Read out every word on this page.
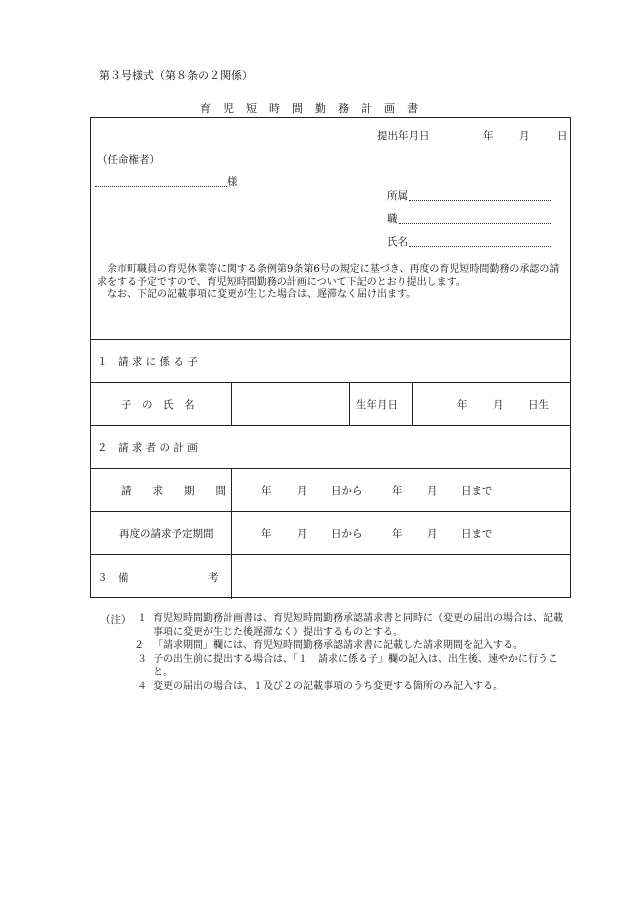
第３号様式（第８条の２関係）
育児短時間勤務計画書
提出年月日	年 月	日
（任命権者）
様
所属
職
氏名

　余市町職員の育児休業等に関する条例第9条第6号の規定に基づき、再度の育児短時間勤務の承認の請求をする予定ですので、育児短時間勤務の計画について下記のとおり提出します。

　なお、下記の記載事項に変更が生じた場合は、遅滞なく届け出ます。

１　請 求 に 係 る 子
子　の　氏　名	生年月日	年 月 日生
２　請 求 者 の 計 画
請　　求　　期　　間	年 月 日から	年 月 日まで
再度の請求予定期間	年 月 日から	年 月 日まで
３　備	考
（注） １ 育児短時間勤務計画書は、育児短時間勤務承認請求書と同時に（変更の届出の場合は、記載事項に変更が生じた後遅滞なく）提出するものとする。
２ 「請求期間」欄には、育児短時間勤務承認請求書に記載した請求期間を記入する。
３ 子の出生前に提出する場合は、「１　請求に係る子」欄の記入は、出生後、速やかに行うこと。
４ 変更の届出の場合は、１及び２の記載事項のうち変更する箇所のみ記入する。
